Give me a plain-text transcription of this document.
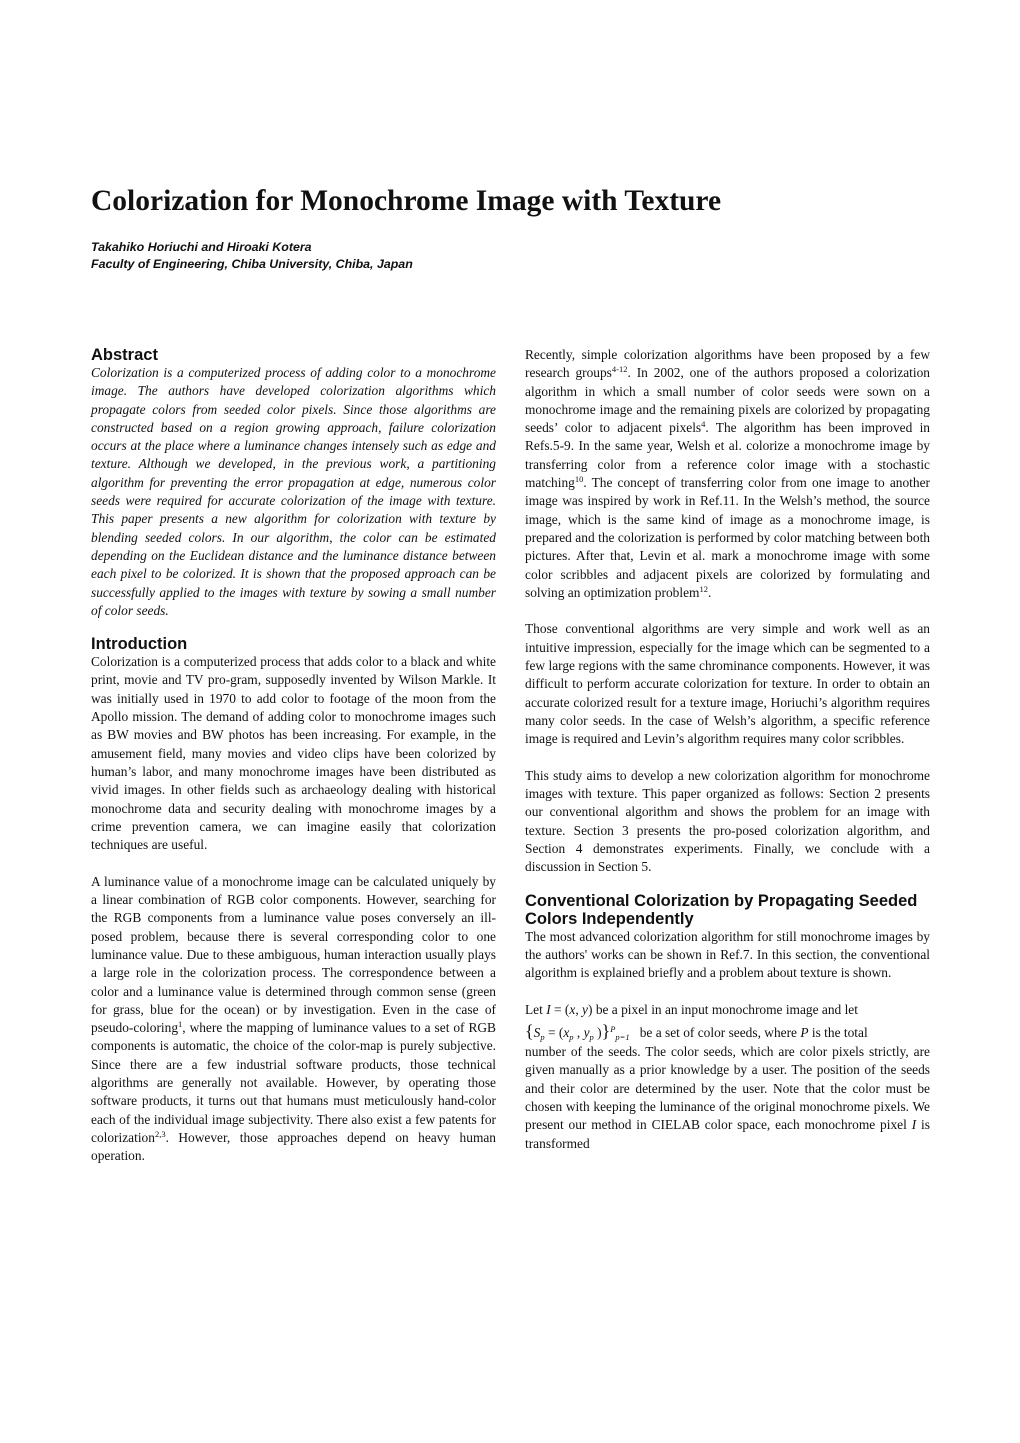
Colorization for Monochrome Image with Texture
Takahiko Horiuchi and Hiroaki Kotera
Faculty of Engineering, Chiba University, Chiba, Japan
Abstract

Colorization is a computerized process of adding color to a monochrome image. The authors have developed colorization algorithms which propagate colors from seeded color pixels. Since those algorithms are constructed based on a region growing approach, failure colorization occurs at the place where a luminance changes intensely such as edge and texture. Although we developed, in the previous work, a partitioning algorithm for preventing the error propagation at edge, numerous color seeds were required for accurate colorization of the image with texture. This paper presents a new algorithm for colorization with texture by blending seeded colors. In our algorithm, the color can be estimated depending on the Euclidean distance and the luminance distance between each pixel to be colorized. It is shown that the proposed approach can be successfully applied to the images with texture by sowing a small number of color seeds.

Introduction

Colorization is a computerized process that adds color to a black and white print, movie and TV pro-gram, supposedly invented by Wilson Markle. It was initially used in 1970 to add color to footage of the moon from the Apollo mission. The demand of adding color to monochrome images such as BW movies and BW photos has been increasing. For example, in the amusement field, many movies and video clips have been colorized by human’s labor, and many monochrome images have been distributed as vivid images. In other fields such as archaeology dealing with historical monochrome data and security dealing with monochrome images by a crime prevention camera, we can imagine easily that colorization techniques are useful.

A luminance value of a monochrome image can be calculated uniquely by a linear combination of RGB color components. However, searching for the RGB components from a luminance value poses conversely an ill-posed problem, because there is several corresponding color to one luminance value. Due to these ambiguous, human interaction usually plays a large role in the colorization process. The correspondence between a color and a luminance value is determined through common sense (green for grass, blue for the ocean) or by investigation. Even in the case of pseudo-coloring$^1$, where the mapping of luminance values to a set of RGB components is automatic, the choice of the color-map is purely subjective. Since there are a few industrial software products, those technical algorithms are generally not available. However, by operating those software products, it turns out that humans must meticulously hand-color each of the individual image subjectivity. There also exist a few patents for colorization$^{2,3}$. However, those approaches depend on heavy human operation.

Recently, simple colorization algorithms have been proposed by a few research groups$^{4-12}$. In 2002, one of the authors proposed a colorization algorithm in which a small number of color seeds were sown on a monochrome image and the remaining pixels are colorized by propagating seeds’ color to adjacent pixels$^4$. The algorithm has been improved in Refs.5-9. In the same year, Welsh et al. colorize a monochrome image by transferring color from a reference color image with a stochastic matching$^{10}$. The concept of transferring color from one image to another image was inspired by work in Ref.11. In the Welsh’s method, the source image, which is the same kind of image as a monochrome image, is prepared and the colorization is performed by color matching between both pictures. After that, Levin et al. mark a monochrome image with some color scribbles and adjacent pixels are colorized by formulating and solving an optimization problem$^{12}$.

Those conventional algorithms are very simple and work well as an intuitive impression, especially for the image which can be segmented to a few large regions with the same chrominance components. However, it was difficult to perform accurate colorization for texture. In order to obtain an accurate colorized result for a texture image, Horiuchi’s algorithm requires many color seeds. In the case of Welsh’s algorithm, a specific reference image is required and Levin’s algorithm requires many color scribbles.

This study aims to develop a new colorization algorithm for monochrome images with texture. This paper organized as follows: Section 2 presents our conventional algorithm and shows the problem for an image with texture. Section 3 presents the pro-posed colorization algorithm, and Section 4 demonstrates experiments. Finally, we conclude with a discussion in Section 5.

Conventional Colorization by Propagating Seeded Colors Independently

The most advanced colorization algorithm for still monochrome images by the authors' works can be shown in Ref.7. In this section, the conventional algorithm is explained briefly and a problem about texture is shown.

Let I = (x, y) be a pixel in an input monochrome image and let
{$S_p = (x_p$ , $y_p$ )}$^P_{p=1}$ be a set of color seeds, where P is the total
number of the seeds. The color seeds, which are color pixels strictly, are given manually as a prior knowledge by a user. The position of the seeds and their color are determined by the user. Note that the color must be chosen with keeping the luminance of the original monochrome pixels. We present our method in CIELAB color space, each monochrome pixel I is transformed
